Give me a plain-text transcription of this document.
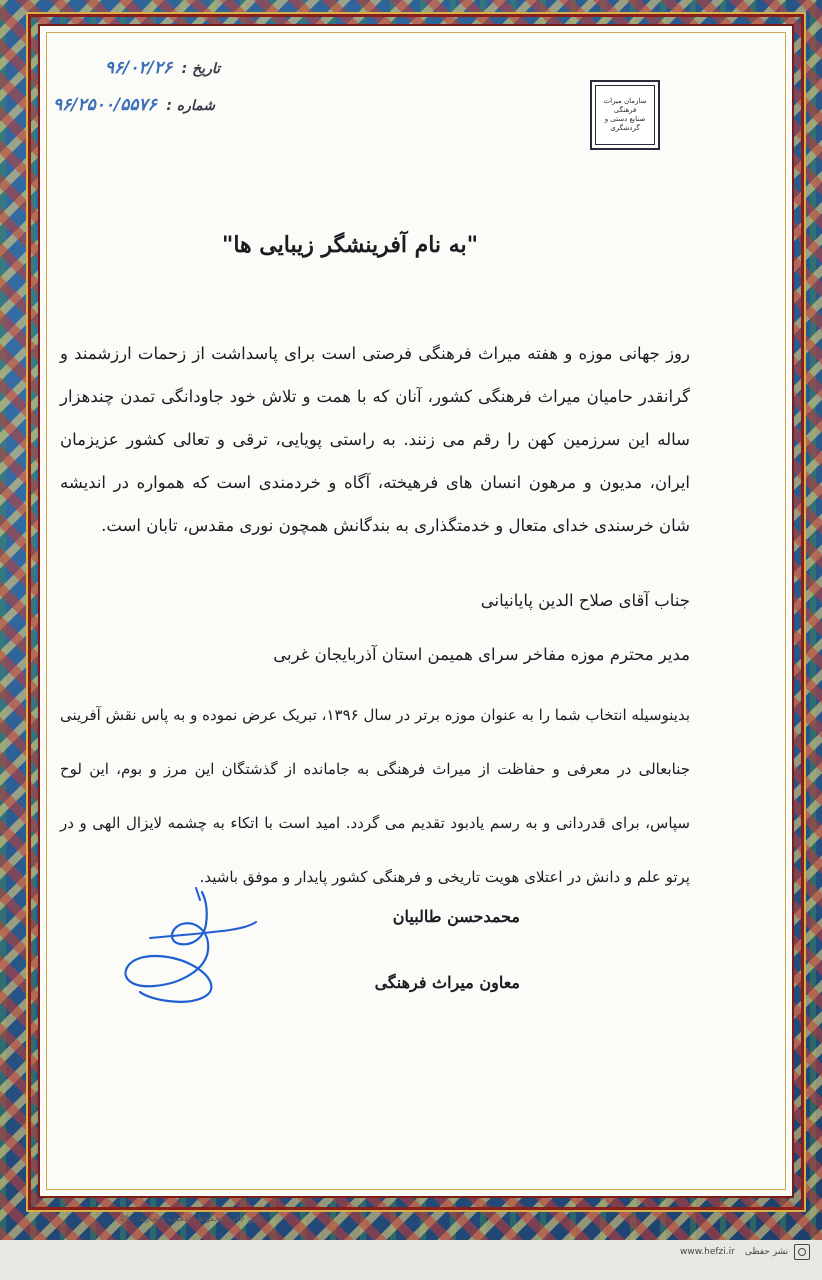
سازمان میراث فرهنگی
صنایع دستی و گردشگری
تاریخ : ۹۶/۰۲/۲۶
شماره : ۹۶/۲۵۰۰/۵۵۷۶
"به نام آفرینشگر زیبایی ها"

روز جهانی موزه و هفته میراث فرهنگی فرصتی است برای پاسداشت از زحمات ارزشمند و گرانقدر حامیان میراث فرهنگی کشور، آنان که با همت و تلاش خود جاودانگی تمدن چندهزار ساله این سرزمین کهن را رقم می زنند. به راستی پویایی، ترقی و تعالی کشور عزیزمان ایران، مدیون و مرهون انسان های فرهیخته، آگاه و خردمندی است که همواره در اندیشه شان خرسندی خدای متعال و خدمتگذاری به بندگانش همچون نوری مقدس، تابان است.

جناب آقای صلاح الدین پایانیانی
مدیر محترم موزه مفاخر سرای همیمن استان آذربایجان غربی

بدینوسیله انتخاب شما را به عنوان موزه برتر در سال ۱۳۹۶، تبریک عرض نموده و به پاس نقش آفرینی جنابعالی در معرفی و حفاظت از میراث فرهنگی به جامانده از گذشتگان این مرز و بوم، این لوح سپاس، برای قدردانی و به رسم یادبود تقدیم می گردد. امید است با اتکاء به چشمه لایزال الهی و در پرتو علم و دانش در اعتلای هویت تاریخی و فرهنگی کشور پایدار و موفق باشید.

محمدحسن طالبیان
معاون میراث فرهنگی
حق چاپ محفوظ. تذهیب شماره: ۵۹۰
نشر حفظی
www.hefzi.ir
